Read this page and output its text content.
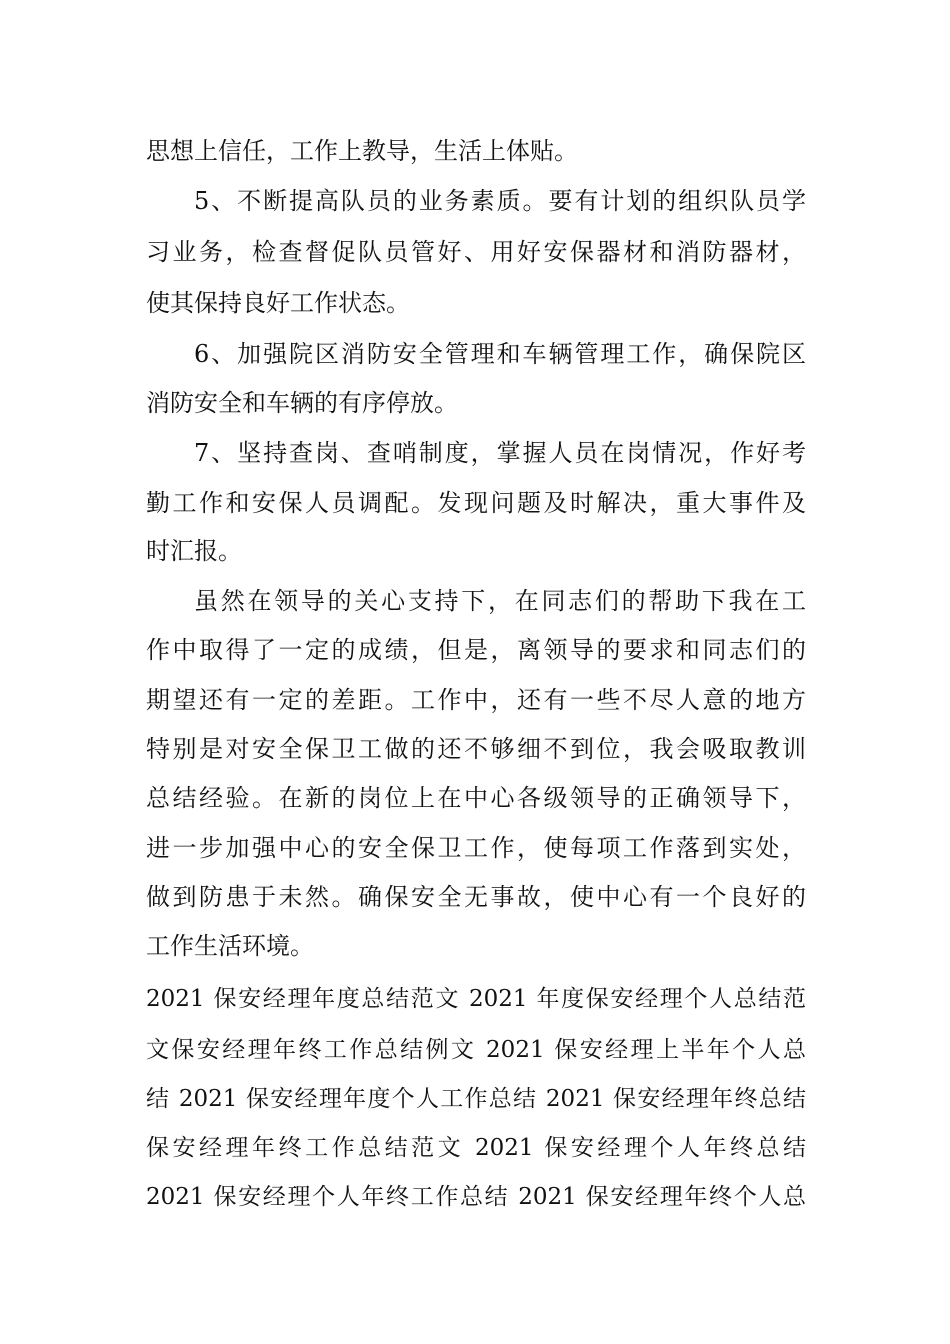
思想上信任，工作上教导，生活上体贴。
5、不断提高队员的业务素质。要有计划的组织队员学
习业务，检查督促队员管好、用好安保器材和消防器材，
使其保持良好工作状态。
6、加强院区消防安全管理和车辆管理工作，确保院区
消防安全和车辆的有序停放。
7、坚持查岗、查哨制度，掌握人员在岗情况，作好考
勤工作和安保人员调配。发现问题及时解决，重大事件及
时汇报。
虽然在领导的关心支持下，在同志们的帮助下我在工
作中取得了一定的成绩，但是，离领导的要求和同志们的
期望还有一定的差距。工作中，还有一些不尽人意的地方
特别是对安全保卫工做的还不够细不到位，我会吸取教训
总结经验。在新的岗位上在中心各级领导的正确领导下，
进一步加强中心的安全保卫工作，使每项工作落到实处，
做到防患于未然。确保安全无事故，使中心有一个良好的
工作生活环境。
2021 保安经理年度总结范文 2021 年度保安经理个人总结范
文保安经理年终工作总结例文 2021 保安经理上半年个人总
结 2021 保安经理年度个人工作总结 2021 保安经理年终总结
保安经理年终工作总结范文 2021 保安经理个人年终总结
2021 保安经理个人年终工作总结 2021 保安经理年终个人总
